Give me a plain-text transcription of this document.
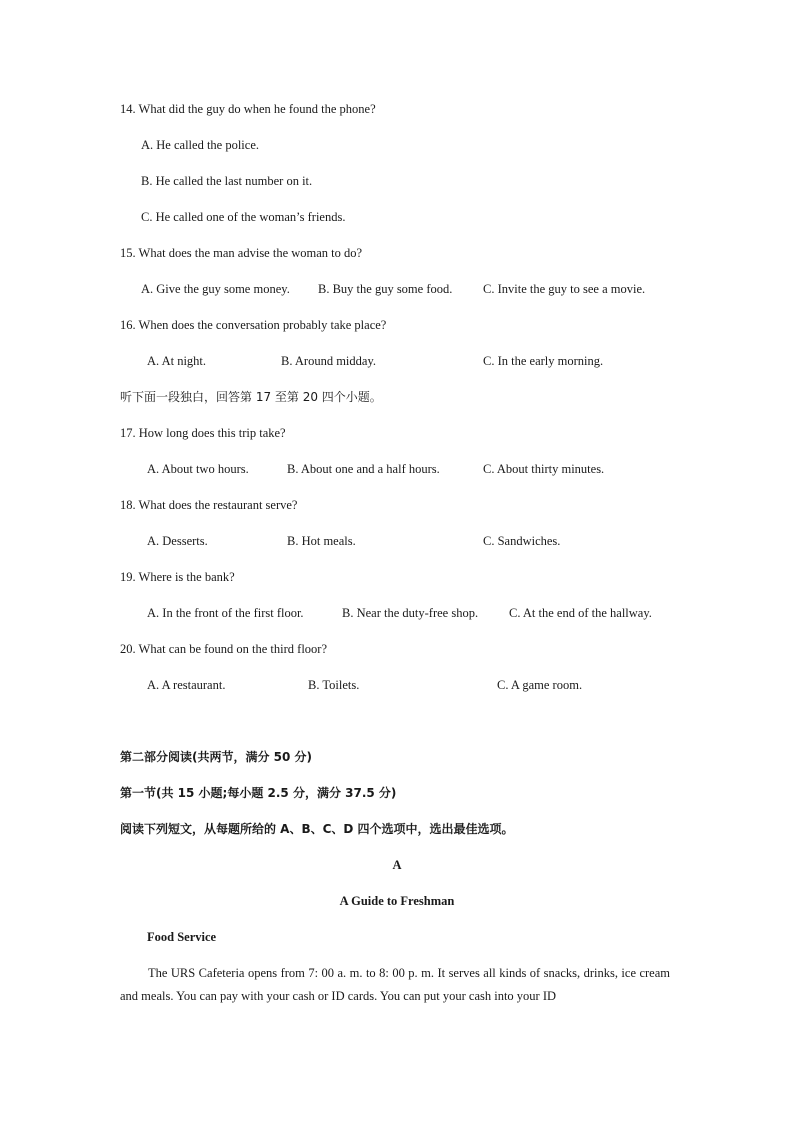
14. What did the guy do when he found the phone?
A. He called the police.
B. He called the last number on it.
C. He called one of the woman’s friends.
15. What does the man advise the woman to do?
A. Give the guy some money. B. Buy the guy some food. C. Invite the guy to see a movie.
16. When does the conversation probably take place?
A. At night.	B. Around midday.	C. In the early morning.
听下面一段独白，回答第 17 至第 20 四个小题。
17. How long does this trip take?
A. About two hours.	B. About one and a half hours.	C. About thirty minutes.
18. What does the restaurant serve?
A. Desserts.	B. Hot meals.	C. Sandwiches.
19. Where is the bank?
A. In the front of the first floor.	B. Near the duty-free shop. C. At the end of the hallway.
20. What can be found on the third floor?
A. A restaurant.	B. Toilets.	C. A game room.
第二部分阅读(共两节，满分 50 分)
第一节(共 15 小题;每小题 2.5 分，满分 37.5 分)
阅读下列短文，从每题所给的 A、B、C、D 四个选项中，选出最佳选项。
A
A Guide to Freshman
Food Service
The URS Cafeteria opens from 7: 00 a. m. to 8: 00 p. m. It serves all kinds of snacks, drinks, ice cream and meals. You can pay with your cash or ID cards. You can put your cash into your ID
